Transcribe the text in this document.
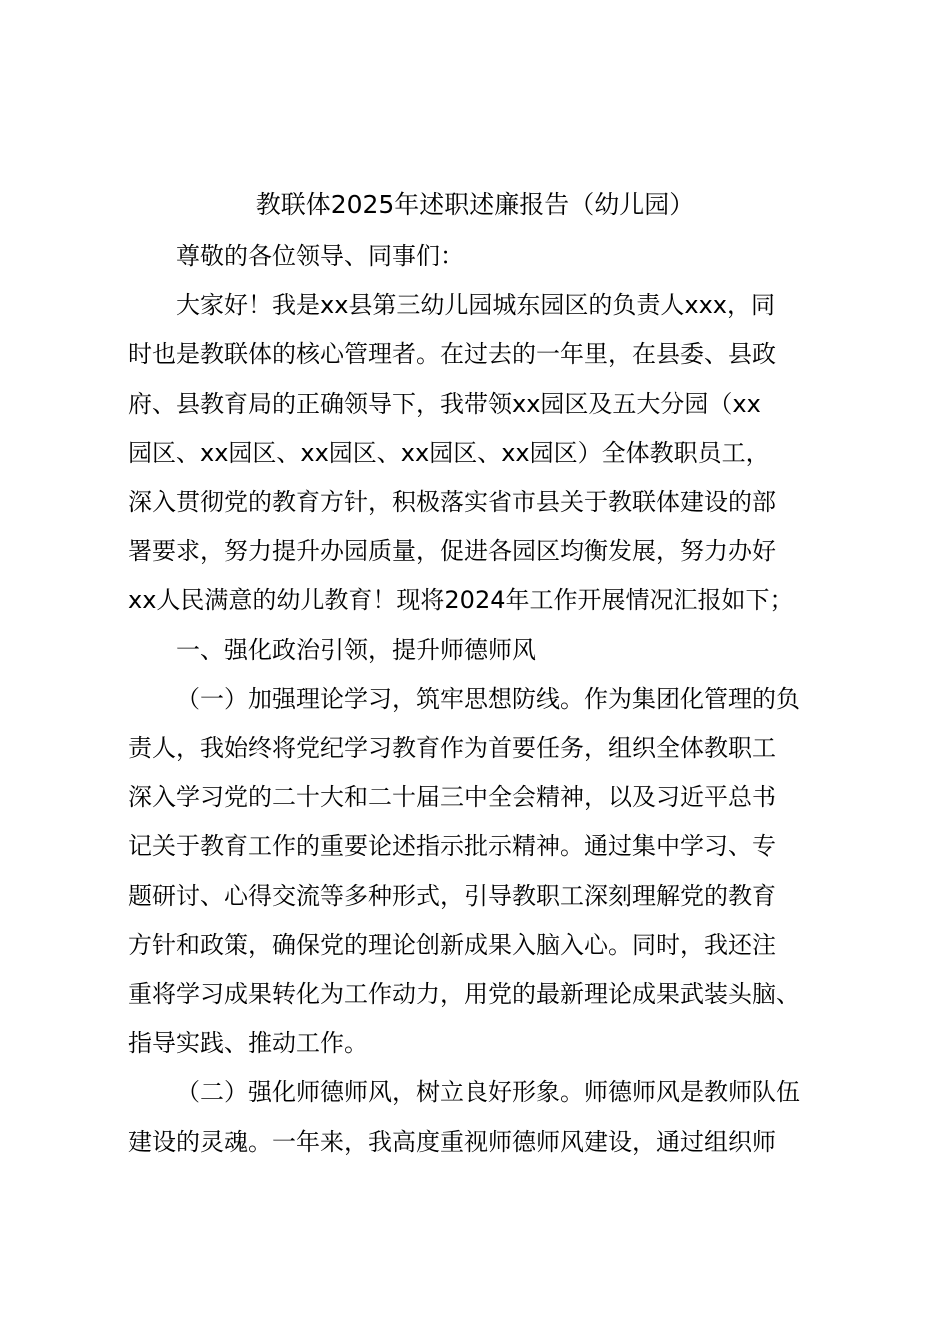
教联体2025年述职述廉报告（幼儿园）
尊敬的各位领导、同事们：
大家好！我是xx县第三幼儿园城东园区的负责人xxx，同
时也是教联体的核心管理者。在过去的一年里，在县委、县政
府、县教育局的正确领导下，我带领xx园区及五大分园（xx
园区、xx园区、xx园区、xx园区、xx园区）全体教职员工，
深入贯彻党的教育方针，积极落实省市县关于教联体建设的部
署要求，努力提升办园质量，促进各园区均衡发展，努力办好
xx人民满意的幼儿教育！现将2024年工作开展情况汇报如下；
一、强化政治引领，提升师德师风
（一）加强理论学习，筑牢思想防线。作为集团化管理的负
责人，我始终将党纪学习教育作为首要任务，组织全体教职工
深入学习党的二十大和二十届三中全会精神，以及习近平总书
记关于教育工作的重要论述指示批示精神。通过集中学习、专
题研讨、心得交流等多种形式，引导教职工深刻理解党的教育
方针和政策，确保党的理论创新成果入脑入心。同时，我还注
重将学习成果转化为工作动力，用党的最新理论成果武装头脑、
指导实践、推动工作。
（二）强化师德师风，树立良好形象。师德师风是教师队伍
建设的灵魂。一年来，我高度重视师德师风建设，通过组织师
